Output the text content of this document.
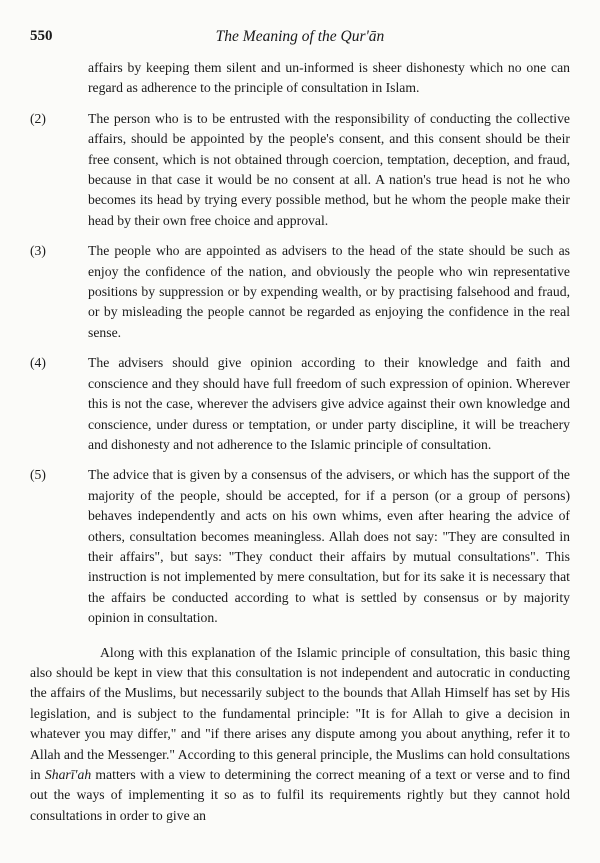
550	The Meaning of the Qur'ān

affairs by keeping them silent and un-informed is sheer dishonesty which no one can regard as adherence to the principle of consultation in Islam.

(2)	The person who is to be entrusted with the responsibility of conducting the collective affairs, should be appointed by the people's consent, and this consent should be their free consent, which is not obtained through coercion, temptation, deception, and fraud, because in that case it would be no consent at all. A nation's true head is not he who becomes its head by trying every possible method, but he whom the people make their head by their own free choice and approval.
(3)	The people who are appointed as advisers to the head of the state should be such as enjoy the confidence of the nation, and obviously the people who win representative positions by suppression or by expending wealth, or by practising falsehood and fraud, or by misleading the people cannot be regarded as enjoying the confidence in the real sense.
(4)	The advisers should give opinion according to their knowledge and faith and conscience and they should have full freedom of such expression of opinion. Wherever this is not the case, wherever the advisers give advice against their own knowledge and conscience, under duress or temptation, or under party discipline, it will be treachery and dishonesty and not adherence to the Islamic principle of consultation.
(5)	The advice that is given by a consensus of the advisers, or which has the support of the majority of the people, should be accepted, for if a person (or a group of persons) behaves independently and acts on his own whims, even after hearing the advice of others, consultation becomes meaningless. Allah does not say: "They are consulted in their affairs", but says: "They conduct their affairs by mutual consultations". This instruction is not implemented by mere consultation, but for its sake it is necessary that the affairs be conducted according to what is settled by consensus or by majority opinion in consultation.

Along with this explanation of the Islamic principle of consultation, this basic thing also should be kept in view that this consultation is not independent and autocratic in conducting the affairs of the Muslims, but necessarily subject to the bounds that Allah Himself has set by His legislation, and is subject to the fundamental principle: "It is for Allah to give a decision in whatever you may differ," and "if there arises any dispute among you about anything, refer it to Allah and the Messenger." According to this general principle, the Muslims can hold consultations in Sharī'ah matters with a view to determining the correct meaning of a text or verse and to find out the ways of implementing it so as to fulfil its requirements rightly but they cannot hold consultations in order to give an
